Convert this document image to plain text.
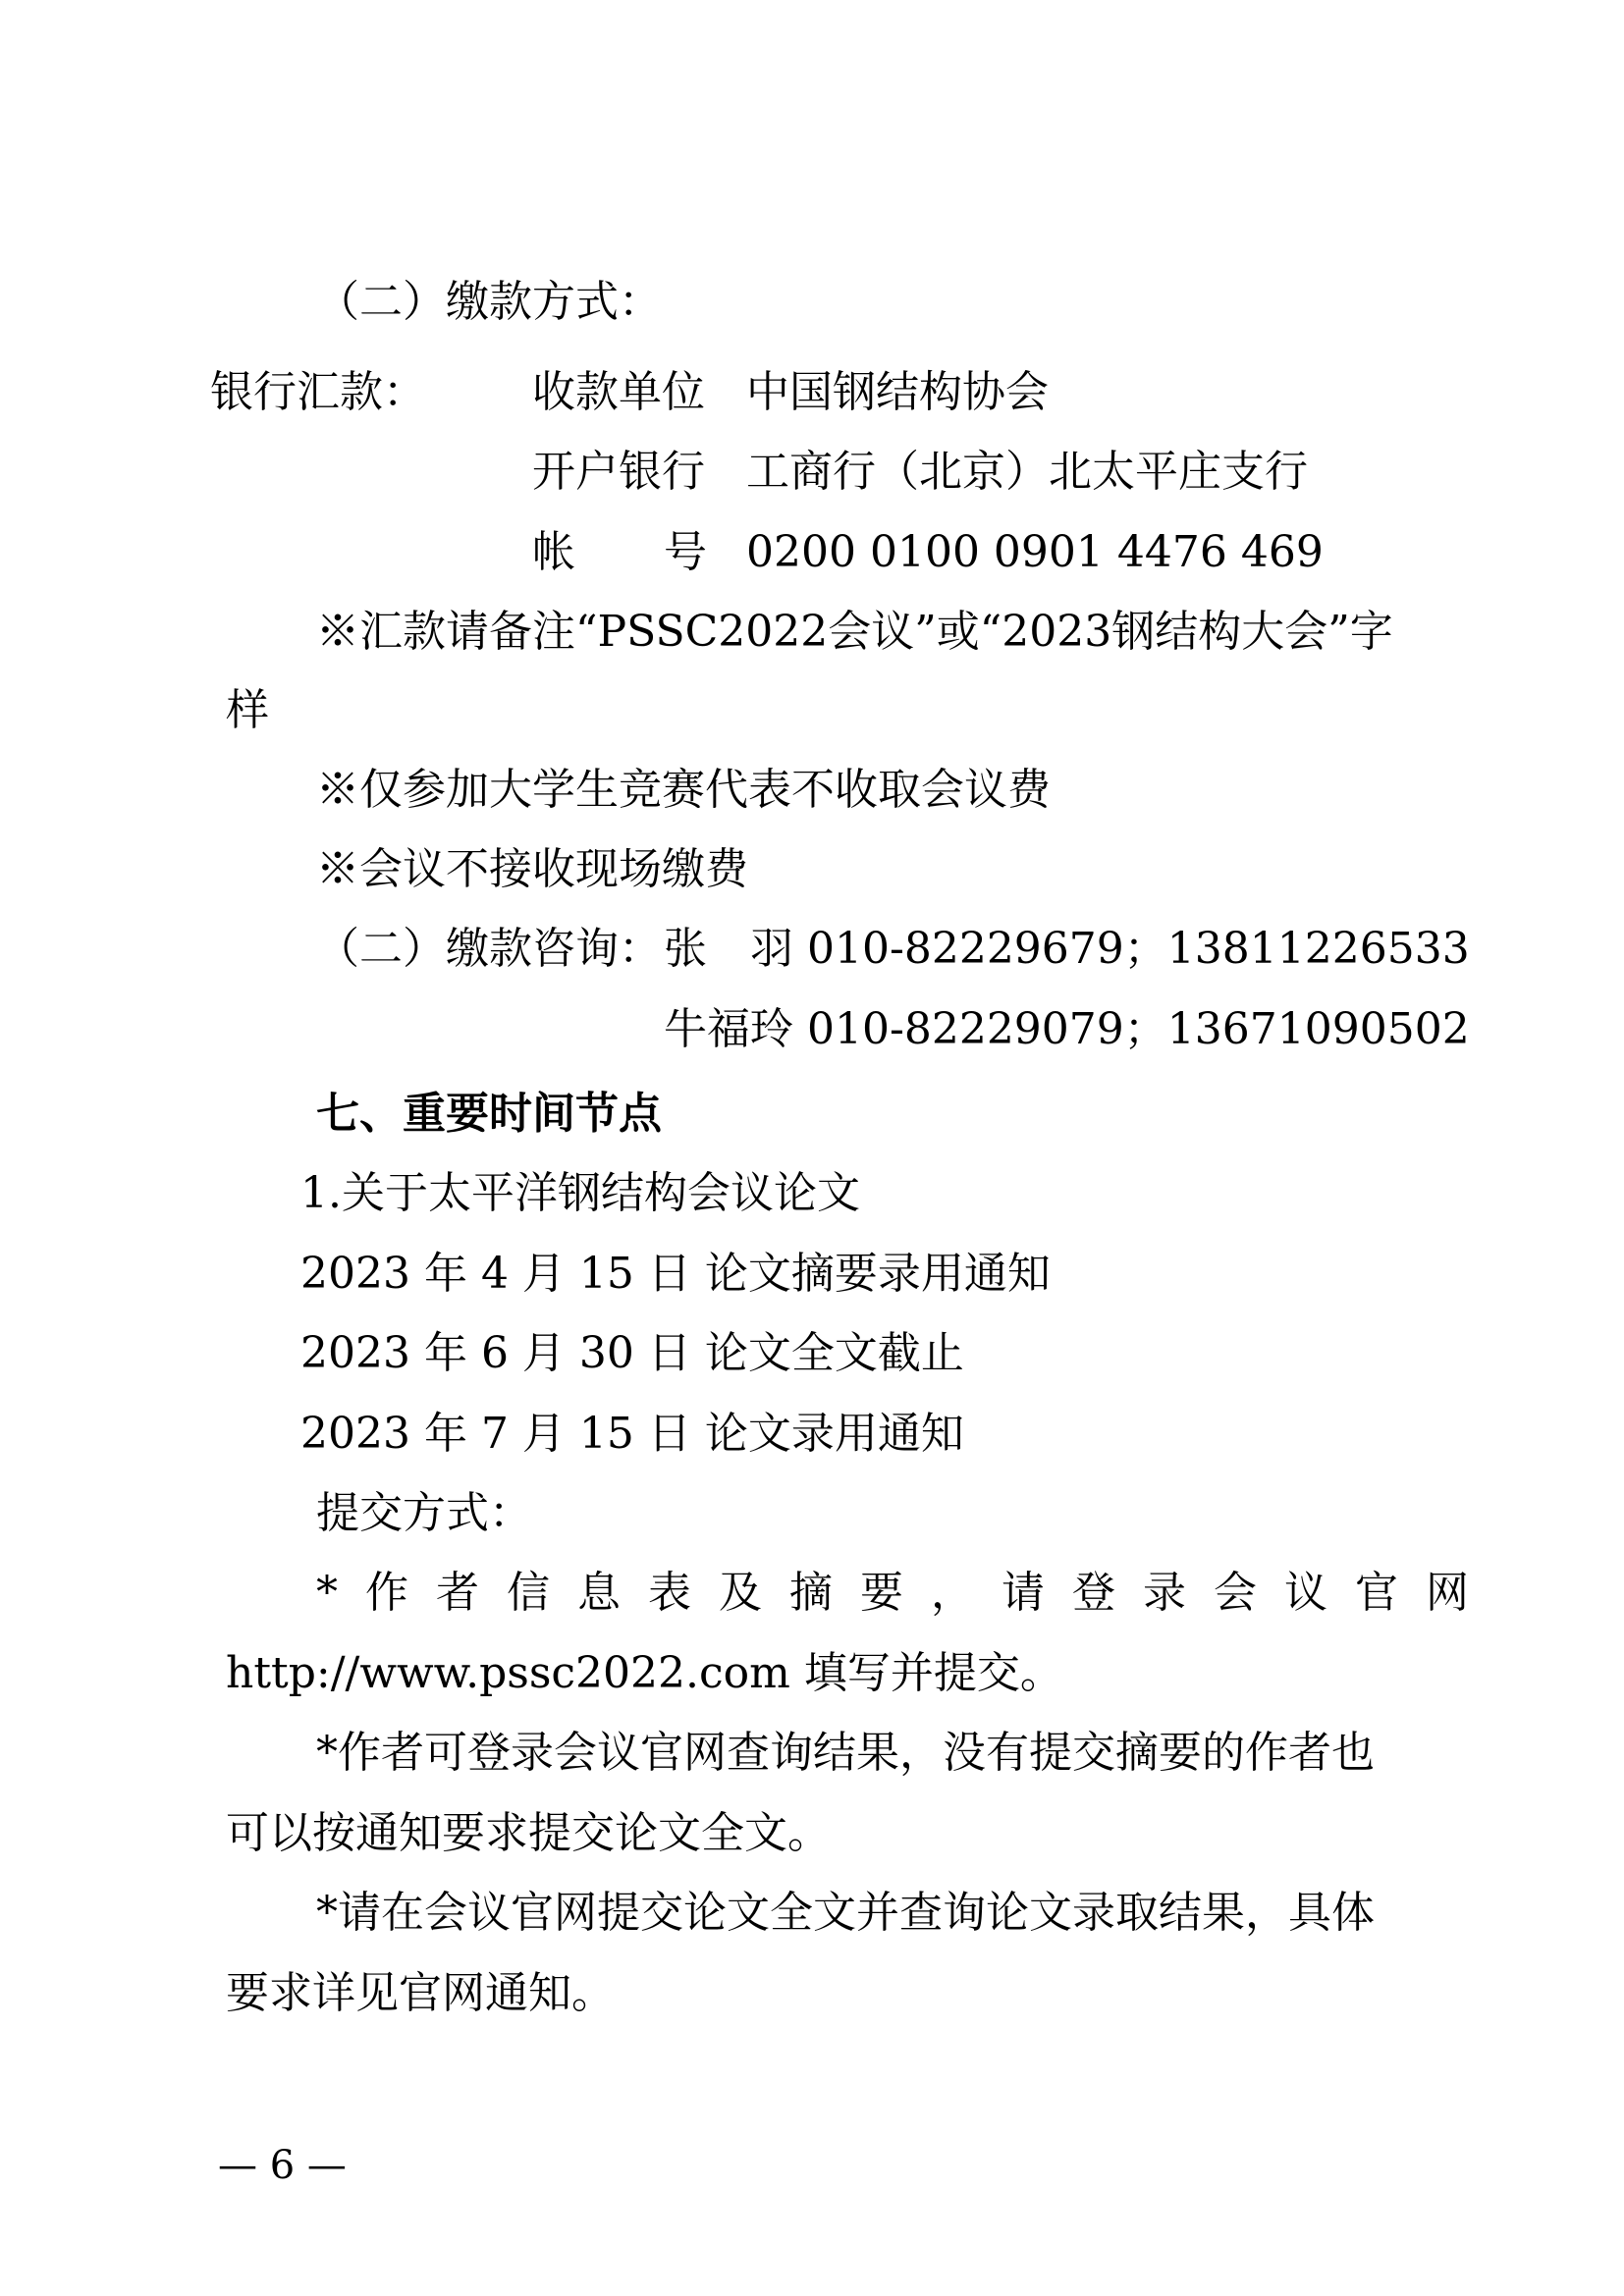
（二）缴款方式：
银行汇款： 收款单位 中国钢结构协会
开户银行 工商行（北京）北太平庄支行
帐 号 0200 0100 0901 4476 469
※汇款请备注“PSSC2022会议”或“2023钢结构大会”字
样
※仅参加大学生竞赛代表不收取会议费
※会议不接收现场缴费
（二）缴款咨询： 张　羽 010-82229679；13811226533
牛福玲 010-82229079；13671090502
七、重要时间节点
1.关于太平洋钢结构会议论文
2023 年 4 月 15 日 论文摘要录用通知
2023 年 6 月 30 日 论文全文截止
2023 年 7 月 15 日 论文录用通知
提交方式：
*作者信息表及摘要，请登录会议官网
http://www.pssc2022.com 填写并提交。
*作者可登录会议官网查询结果，没有提交摘要的作者也
可以按通知要求提交论文全文。
*请在会议官网提交论文全文并查询论文录取结果，具体
要求详见官网通知。
— 6 —
